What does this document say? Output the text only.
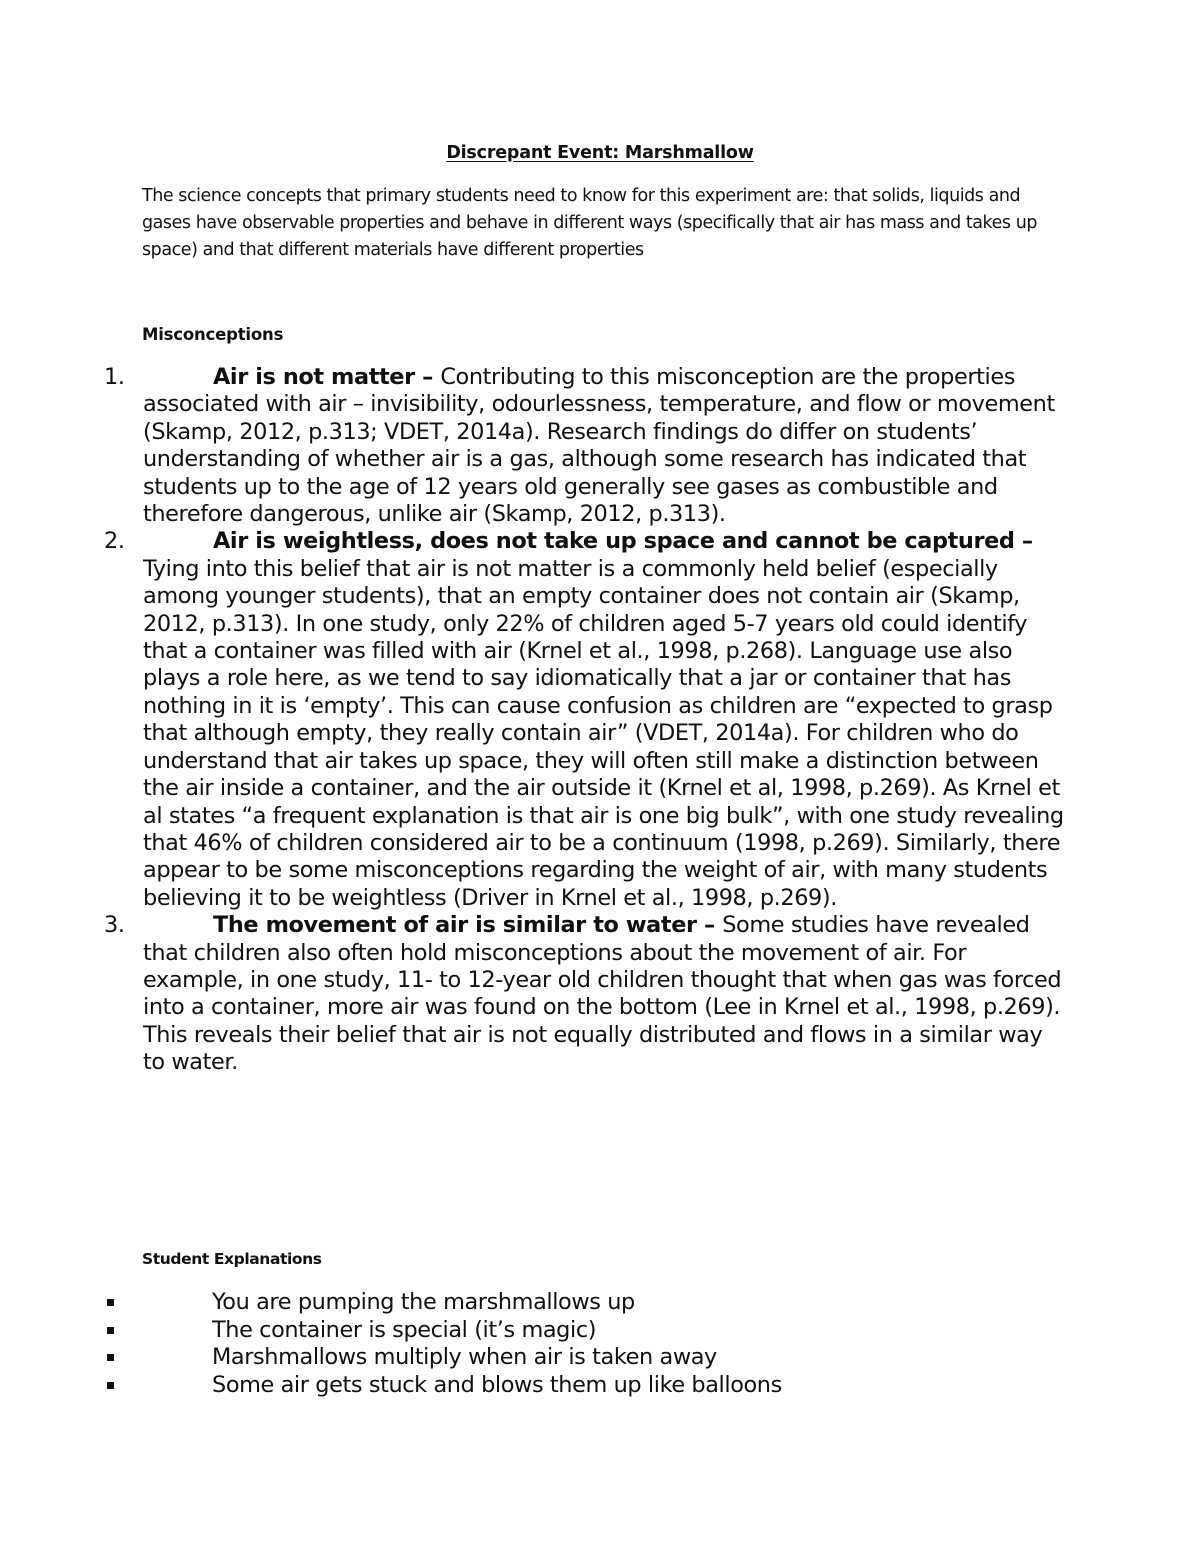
Discrepant Event: Marshmallow

The science concepts that primary students need to know for this experiment are: that solids, liquids and gases have observable properties and behave in different ways (specifically that air has mass and takes up space) and that different materials have different properties

Misconceptions
1.	Air is not matter – Contributing to this misconception are the properties associated with air – invisibility, odourlessness, temperature, and flow or movement (Skamp, 2012, p.313; VDET, 2014a). Research findings do differ on students’ understanding of whether air is a gas, although some research has indicated that students up to the age of 12 years old generally see gases as combustible and therefore dangerous, unlike air (Skamp, 2012, p.313).
2.	Air is weightless, does not take up space and cannot be captured – Tying into this belief that air is not matter is a commonly held belief (especially among younger students), that an empty container does not contain air (Skamp, 2012, p.313). In one study, only 22% of children aged 5-7 years old could identify that a container was filled with air (Krnel et al., 1998, p.268). Language use also plays a role here, as we tend to say idiomatically that a jar or container that has nothing in it is ‘empty’. This can cause confusion as children are “expected to grasp that although empty, they really contain air” (VDET, 2014a). For children who do understand that air takes up space, they will often still make a distinction between the air inside a container, and the air outside it (Krnel et al, 1998, p.269). As Krnel et al states “a frequent explanation is that air is one big bulk”, with one study revealing that 46% of children considered air to be a continuum (1998, p.269). Similarly, there appear to be some misconceptions regarding the weight of air, with many students believing it to be weightless (Driver in Krnel et al., 1998, p.269).
3.	The movement of air is similar to water – Some studies have revealed that children also often hold misconceptions about the movement of air. For example, in one study, 11- to 12-year old children thought that when gas was forced into a container, more air was found on the bottom (Lee in Krnel et al., 1998, p.269). This reveals their belief that air is not equally distributed and flows in a similar way to water.
Student Explanations
You are pumping the marshmallows up
The container is special (it’s magic)
Marshmallows multiply when air is taken away
Some air gets stuck and blows them up like balloons
